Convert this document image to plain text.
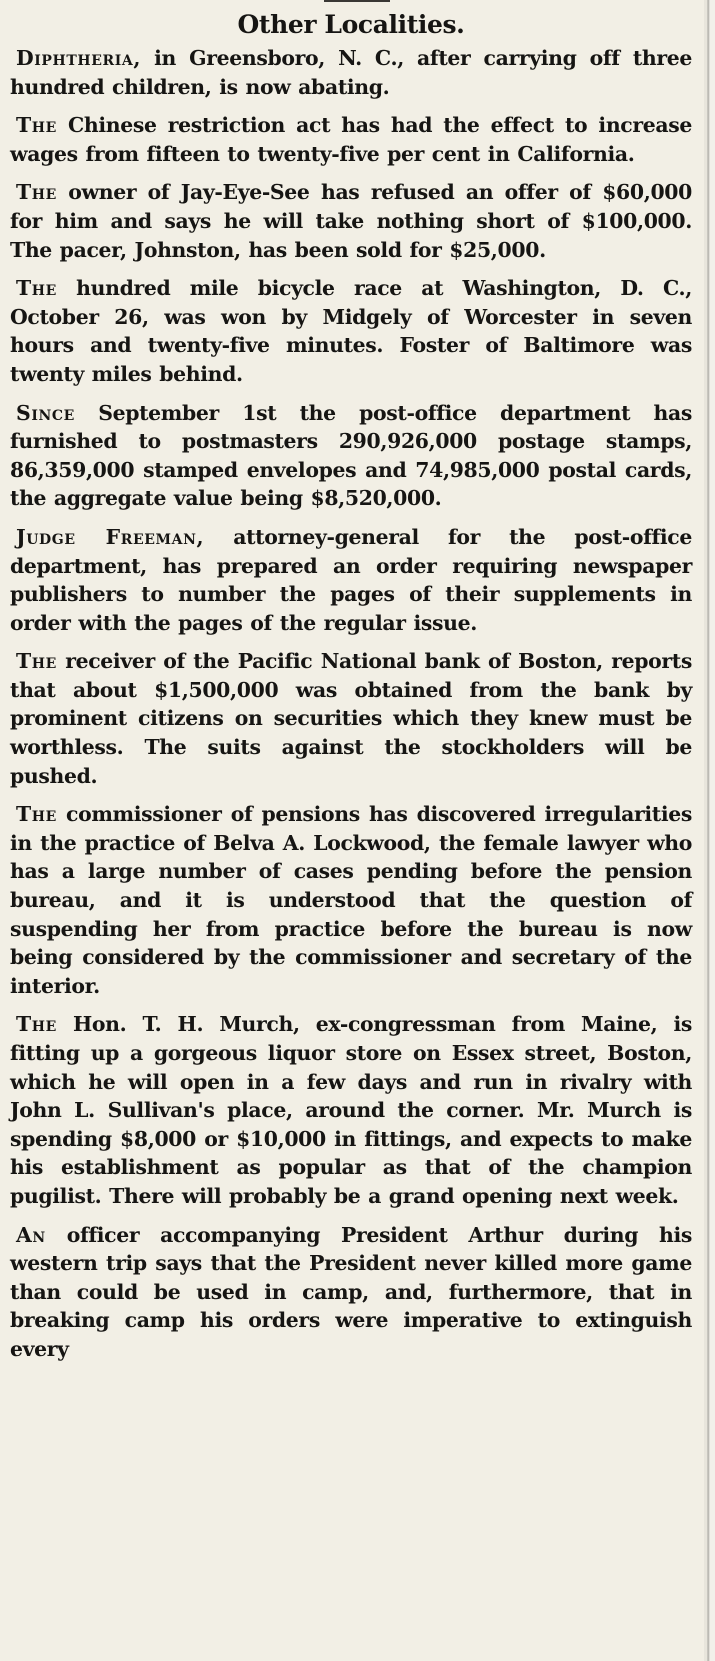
Other Localities.

Diphtheria, in Greensboro, N. C., after carrying off three hundred children, is now abating.

The Chinese restriction act has had the effect to increase wages from fifteen to twenty-five per cent in California.

The owner of Jay-Eye-See has refused an offer of $60,000 for him and says he will take nothing short of $100,000. The pacer, Johnston, has been sold for $25,000.

The hundred mile bicycle race at Washington, D. C., October 26, was won by Midgely of Worcester in seven hours and twenty-five minutes. Foster of Baltimore was twenty miles behind.

Since September 1st the post-office department has furnished to postmasters 290,926,000 postage stamps, 86,359,000 stamped envelopes and 74,985,000 postal cards, the aggregate value being $8,520,000.

Judge Freeman, attorney-general for the post-office department, has prepared an order requiring newspaper publishers to number the pages of their supplements in order with the pages of the regular issue.

The receiver of the Pacific National bank of Boston, reports that about $1,500,000 was obtained from the bank by prominent citizens on securities which they knew must be worthless. The suits against the stockholders will be pushed.

The commissioner of pensions has discovered irregularities in the practice of Belva A. Lockwood, the female lawyer who has a large number of cases pending before the pension bureau, and it is understood that the question of suspending her from practice before the bureau is now being considered by the commissioner and secretary of the interior.

The Hon. T. H. Murch, ex-congressman from Maine, is fitting up a gorgeous liquor store on Essex street, Boston, which he will open in a few days and run in rivalry with John L. Sullivan's place, around the corner. Mr. Murch is spending $8,000 or $10,000 in fittings, and expects to make his establishment as popular as that of the champion pugilist. There will probably be a grand opening next week.

An officer accompanying President Arthur during his western trip says that the President never killed more game than could be used in camp, and, furthermore, that in breaking camp his orders were imperative to extinguish every
